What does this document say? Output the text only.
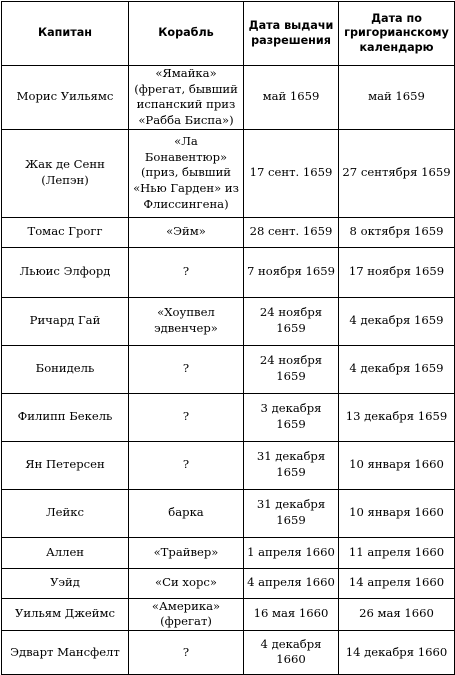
Капитан	Корабль	Дата выдачи разрешения	Дата по григорианскому календарю
Морис Уильямс	«Ямайка» (фрегат, бывший испанский приз «Рабба Биспа»)	май 1659	май 1659
Жак де Сенн (Лепэн)	«Ла Бонавентюр» (приз, бывший «Нью Гарден» из Флиссингена)	17 сент. 1659	27 сентября 1659
Томас Грогг	«Эйм»	28 сент. 1659	8 октября 1659
Льюис Элфорд	?	7 ноября 1659	17 ноября 1659
Ричард Гай	«Хоупвел эдвенчер»	24 ноября 1659	4 декабря 1659
Бонидель	?	24 ноября 1659	4 декабря 1659
Филипп Бекель	?	3 декабря 1659	13 декабря 1659
Ян Петерсен	?	31 декабря 1659	10 января 1660
Лейкс	барка	31 декабря 1659	10 января 1660
Аллен	«Трайвер»	1 апреля 1660	11 апреля 1660
Уэйд	«Си хорс»	4 апреля 1660	14 апреля 1660
Уильям Джеймс	«Америка» (фрегат)	16 мая 1660	26 мая 1660
Эдварт Мансфелт	?	4 декабря 1660	14 декабря 1660
